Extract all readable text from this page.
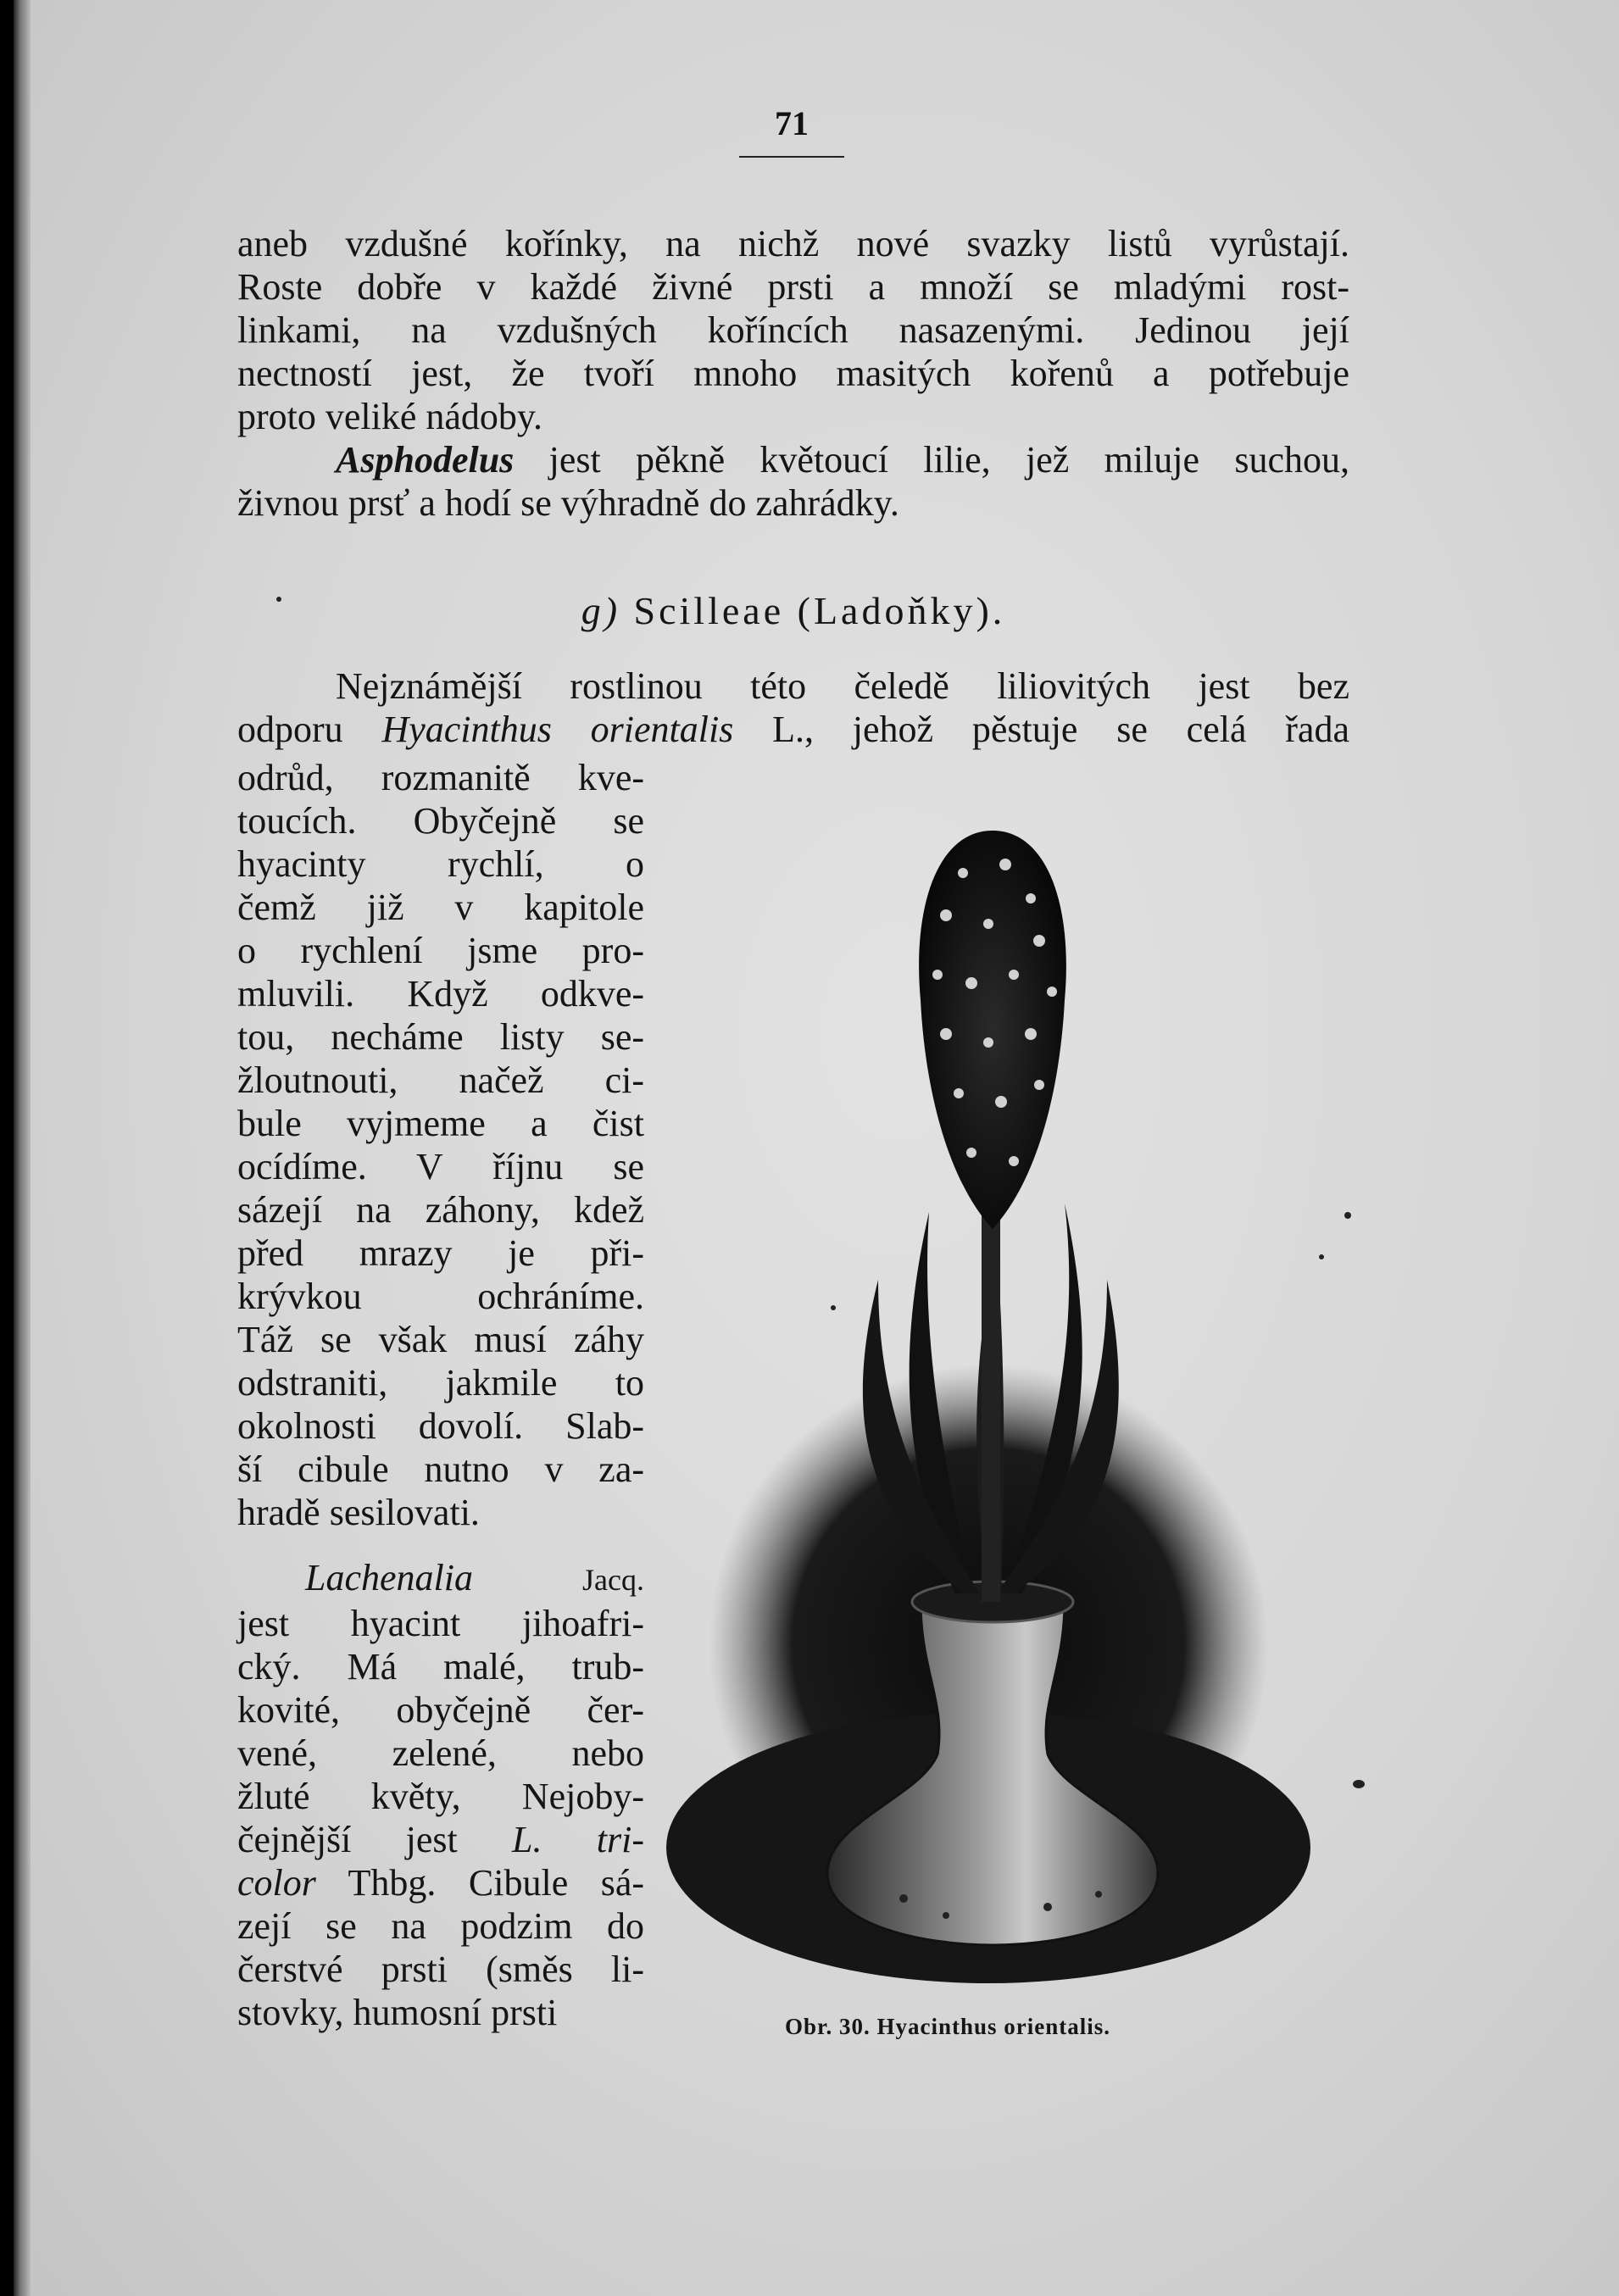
71
aneb vzdušné kořínky, na nichž nové svazky listů vyrůstají.
Roste dobře v každé živné prsti a množí se mladými rost-
linkami, na vzdušných koříncích nasazenými. Jedinou její
nectností jest, že tvoří mnoho masitých kořenů a potřebuje
proto veliké nádoby.
Asphodelus jest pěkně květoucí lilie, jež miluje suchou,
živnou prsť a hodí se výhradně do zahrádky.
g) Scilleae (Ladoňky).
Nejznámější rostlinou této čeledě liliovitých jest bez
odporu Hyacinthus orientalis L., jehož pěstuje se celá řada
odrůd, rozmanitě kve-
toucích. Obyčejně se
hyacinty rychlí, o
čemž již v kapitole
o rychlení jsme pro-
mluvili. Když odkve-
tou, necháme listy se-
žloutnouti, načež ci-
bule vyjmeme a čist
ocídíme. V říjnu se
sázejí na záhony, kdež
před mrazy je při-
krývkou ochráníme.
Táž se však musí záhy
odstraniti, jakmile to
okolnosti dovolí. Slab-
ší cibule nutno v za-
hradě sesilovati.
Lachenalia	Jacq.
jest hyacint jihoafri-
cký. Má malé, trub-
kovité, obyčejně čer-
vené, zelené, nebo
žluté květy, Nejoby-
čejnější jest L. tri-
color Thbg. Cibule sá-
zejí se na podzim do
čerstvé prsti (směs li-
stovky, humosní prsti	Obr. 30. Hyacinthus orientalis.
